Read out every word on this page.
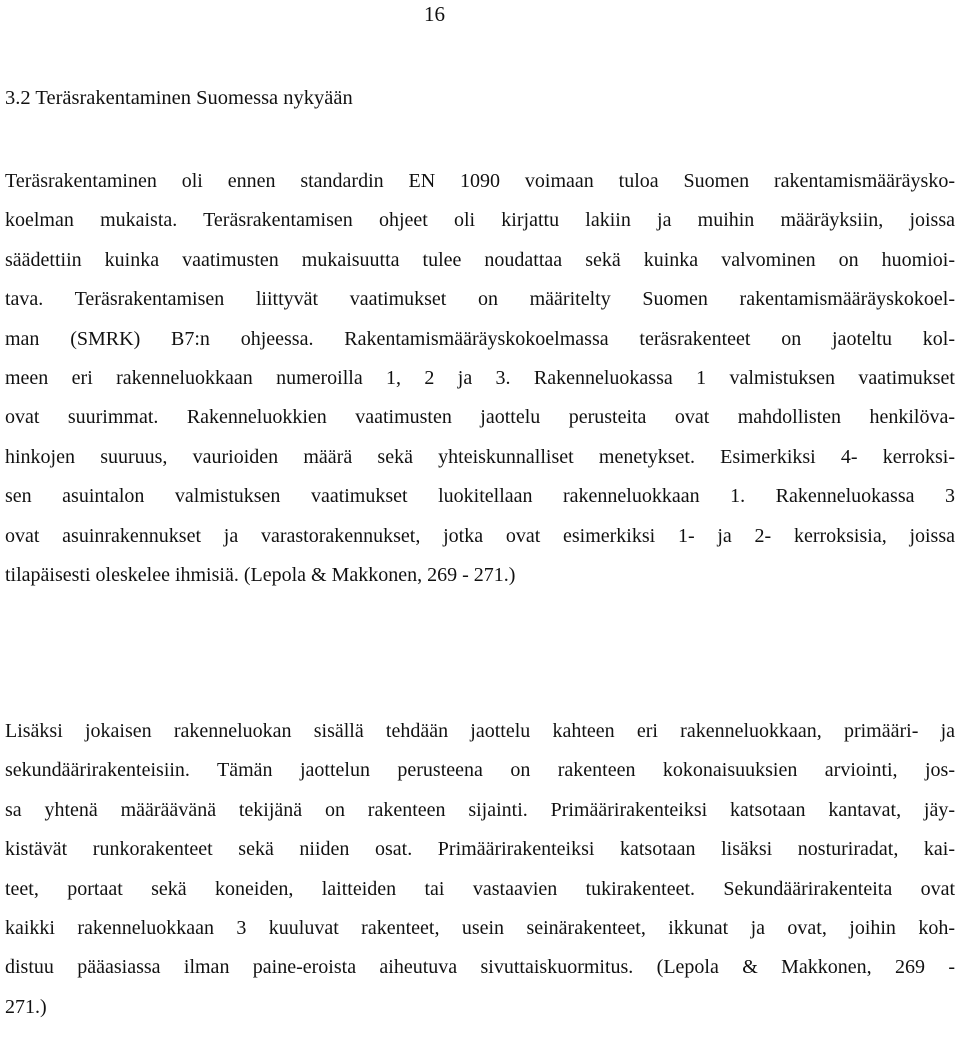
16
3.2 Teräsrakentaminen Suomessa nykyään
Teräsrakentaminen oli ennen standardin EN 1090 voimaan tuloa Suomen rakentamismääräysko-
koelman mukaista. Teräsrakentamisen ohjeet oli kirjattu lakiin ja muihin määräyksiin, joissa
säädettiin kuinka vaatimusten mukaisuutta tulee noudattaa sekä kuinka valvominen on huomioi-
tava. Teräsrakentamisen liittyvät vaatimukset on määritelty Suomen rakentamismääräyskokoel-
man (SMRK) B7:n ohjeessa. Rakentamismääräyskokoelmassa teräsrakenteet on jaoteltu kol-
meen eri rakenneluokkaan numeroilla 1, 2 ja 3. Rakenneluokassa 1 valmistuksen vaatimukset
ovat suurimmat. Rakenneluokkien vaatimusten jaottelu perusteita ovat mahdollisten henkilöva-
hinkojen suuruus, vaurioiden määrä sekä yhteiskunnalliset menetykset. Esimerkiksi 4- kerroksi-
sen asuintalon valmistuksen vaatimukset luokitellaan rakenneluokkaan 1. Rakenneluokassa 3
ovat asuinrakennukset ja varastorakennukset, jotka ovat esimerkiksi 1- ja 2- kerroksisia, joissa
tilapäisesti oleskelee ihmisiä. (Lepola & Makkonen, 269 - 271.)
Lisäksi jokaisen rakenneluokan sisällä tehdään jaottelu kahteen eri rakenneluokkaan, primääri- ja
sekundäärirakenteisiin. Tämän jaottelun perusteena on rakenteen kokonaisuuksien arviointi, jos-
sa yhtenä määräävänä tekijänä on rakenteen sijainti. Primäärirakenteiksi katsotaan kantavat, jäy-
kistävät runkorakenteet sekä niiden osat. Primäärirakenteiksi katsotaan lisäksi nosturiradat, kai-
teet, portaat sekä koneiden, laitteiden tai vastaavien tukirakenteet. Sekundäärirakenteita ovat
kaikki rakenneluokkaan 3 kuuluvat rakenteet, usein seinärakenteet, ikkunat ja ovat, joihin koh-
distuu pääasiassa ilman paine-eroista aiheutuva sivuttaiskuormitus. (Lepola & Makkonen, 269 -
271.)
